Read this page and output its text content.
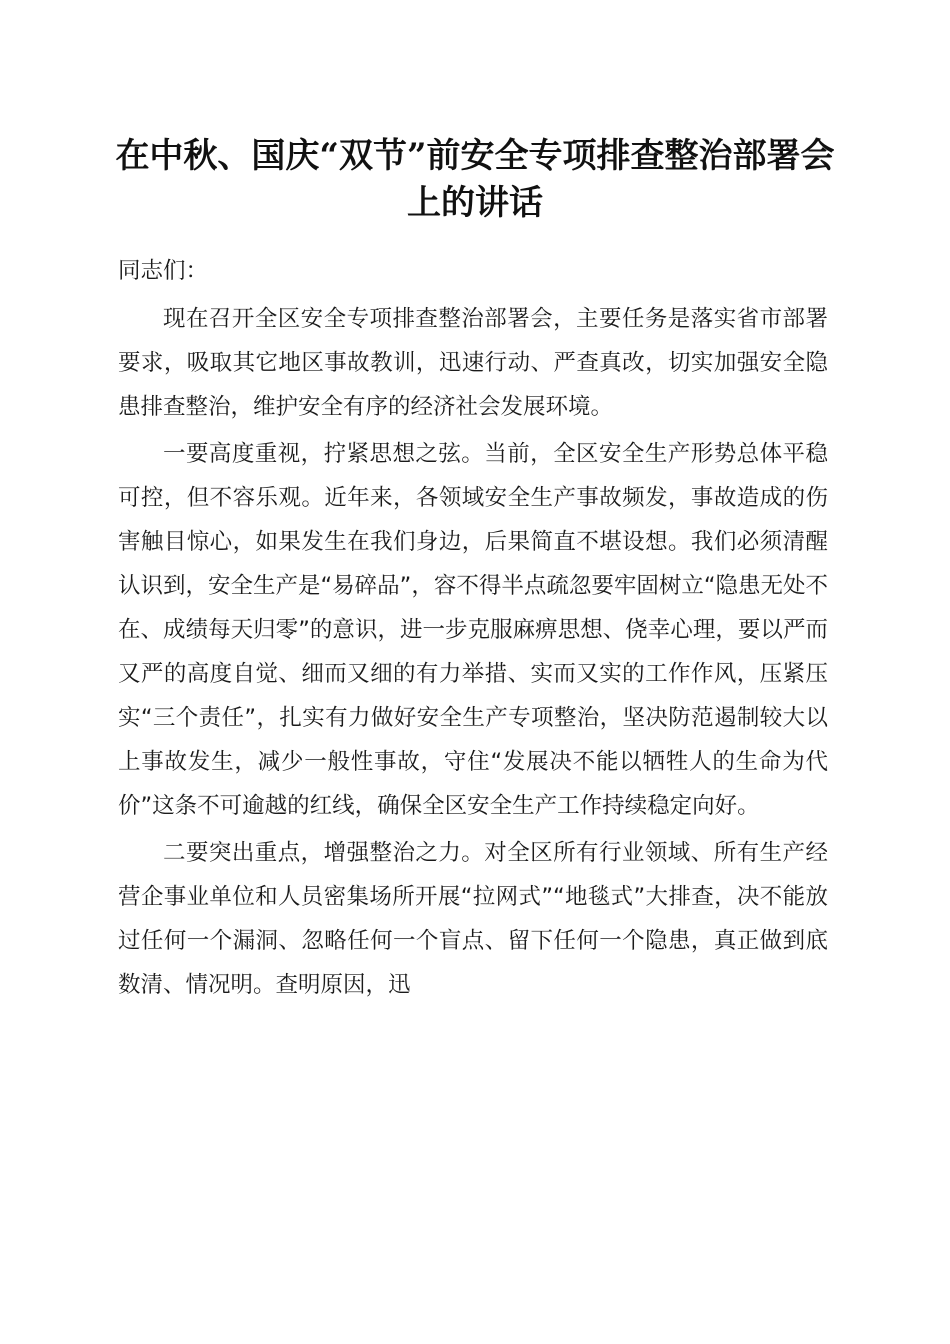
在中秋、国庆“双节”前安全专项排查整治部署会上的讲话

同志们：

现在召开全区安全专项排查整治部署会，主要任务是落实省市部署要求，吸取其它地区事故教训，迅速行动、严查真改，切实加强安全隐患排查整治，维护安全有序的经济社会发展环境。

一要高度重视，拧紧思想之弦。当前，全区安全生产形势总体平稳可控，但不容乐观。近年来，各领域安全生产事故频发，事故造成的伤害触目惊心，如果发生在我们身边，后果简直不堪设想。我们必须清醒认识到，安全生产是“易碎品”，容不得半点疏忽要牢固树立“隐患无处不在、成绩每天归零”的意识，进一步克服麻痹思想、侥幸心理，要以严而又严的高度自觉、细而又细的有力举措、实而又实的工作作风，压紧压实“三个责任”，扎实有力做好安全生产专项整治，坚决防范遏制较大以上事故发生，减少一般性事故，守住“发展决不能以牺牲人的生命为代价”这条不可逾越的红线，确保全区安全生产工作持续稳定向好。

二要突出重点，增强整治之力。对全区所有行业领域、所有生产经营企事业单位和人员密集场所开展“拉网式”“地毯式”大排查，决不能放过任何一个漏洞、忽略任何一个盲点、留下任何一个隐患，真正做到底数清、情况明。查明原因，迅
